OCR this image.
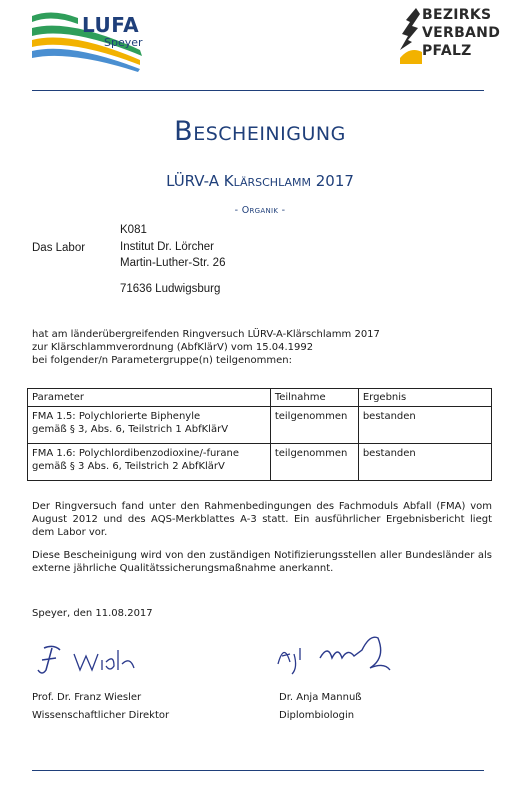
LUFA
Speyer
BEZIRKS
VERBAND
PFALZ
Bescheinigung
LÜRV-A Klärschlamm 2017
- Organik -
Das Labor
K081
Institut Dr. Lörcher
Martin-Luther-Str. 26
71636 Ludwigsburg
hat am länderübergreifenden Ringversuch LÜRV-A-Klärschlamm 2017
zur Klärschlammverordnung (AbfKlärV) vom 15.04.1992
bei folgender/n Parametergruppe(n) teilgenommen:
Parameter	Teilnahme	Ergebnis

FMA 1.5: Polychlorierte Biphenyle
gemäß § 3, Abs. 6, Teilstrich 1 AbfKlärV	teilgenommen	bestanden

FMA 1.6: Polychlordibenzodioxine/-furane
gemäß § 3 Abs. 6, Teilstrich 2 AbfKlärV	teilgenommen	bestanden
Der Ringversuch fand unter den Rahmenbedingungen des Fachmoduls Abfall (FMA) vom August 2012 und des AQS-Merkblattes A-3 statt. Ein ausführlicher Ergebnisbericht liegt dem Labor vor.
Diese Bescheinigung wird von den zuständigen Notifizierungsstellen aller Bundesländer als externe jährliche Qualitätssicherungsmaßnahme anerkannt.
Speyer, den 11.08.2017
Prof. Dr. Franz Wiesler
Wissenschaftlicher Direktor
Dr. Anja Mannuß
Diplombiologin
